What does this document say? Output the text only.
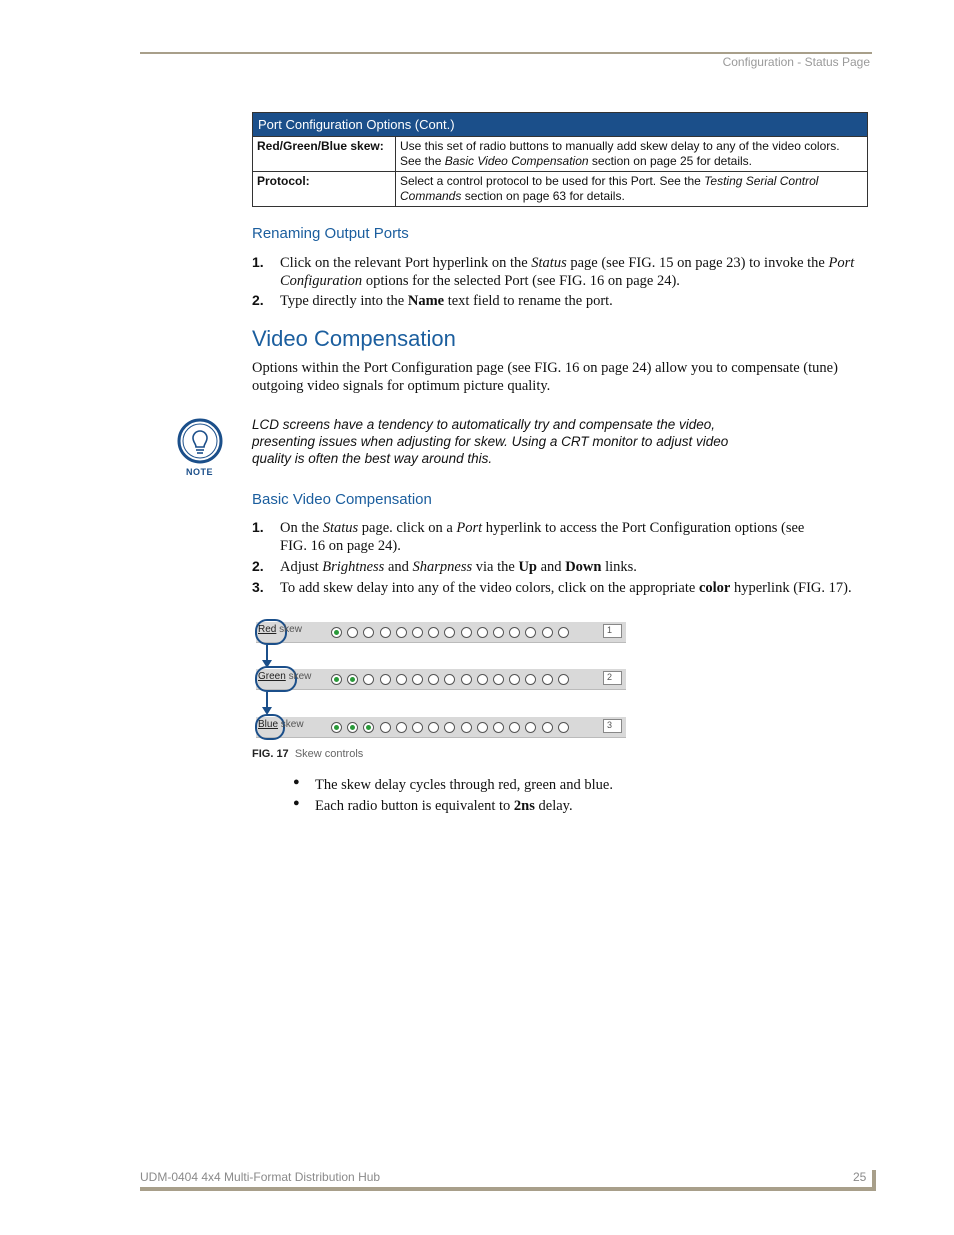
Configuration - Status Page
Port Configuration Options (Cont.)	
Red/Green/Blue skew:	Use this set of radio buttons to manually add skew delay to any of the video colors. See the Basic Video Compensation section on page 25 for details.
Protocol:	Select a control protocol to be used for this Port. See the Testing Serial Control Commands section on page 63 for details.
Renaming Output Ports
1. Click on the relevant Port hyperlink on the Status page (see FIG. 15 on page 23) to invoke the Port Configuration options for the selected Port (see FIG. 16 on page 24).
2. Type directly into the Name text field to rename the port.
Video Compensation
Options within the Port Configuration page (see FIG. 16 on page 24) allow you to compensate (tune) outgoing video signals for optimum picture quality.
NOTE
LCD screens have a tendency to automatically try and compensate the video,
presenting issues when adjusting for skew. Using a CRT monitor to adjust video
quality is often the best way around this.
Basic Video Compensation
1. On the Status page. click on a Port hyperlink to access the Port Configuration options (see FIG. 16 on page 24).
2. Adjust Brightness and Sharpness via the Up and Down links.
3. To add skew delay into any of the video colors, click on the appropriate color hyperlink (FIG. 17).
Red skew	1
Green skew	2
Blue skew	3
FIG. 17 Skew controls
● The skew delay cycles through red, green and blue.
● Each radio button is equivalent to 2ns delay.
UDM-0404 4x4 Multi-Format Distribution Hub	25
